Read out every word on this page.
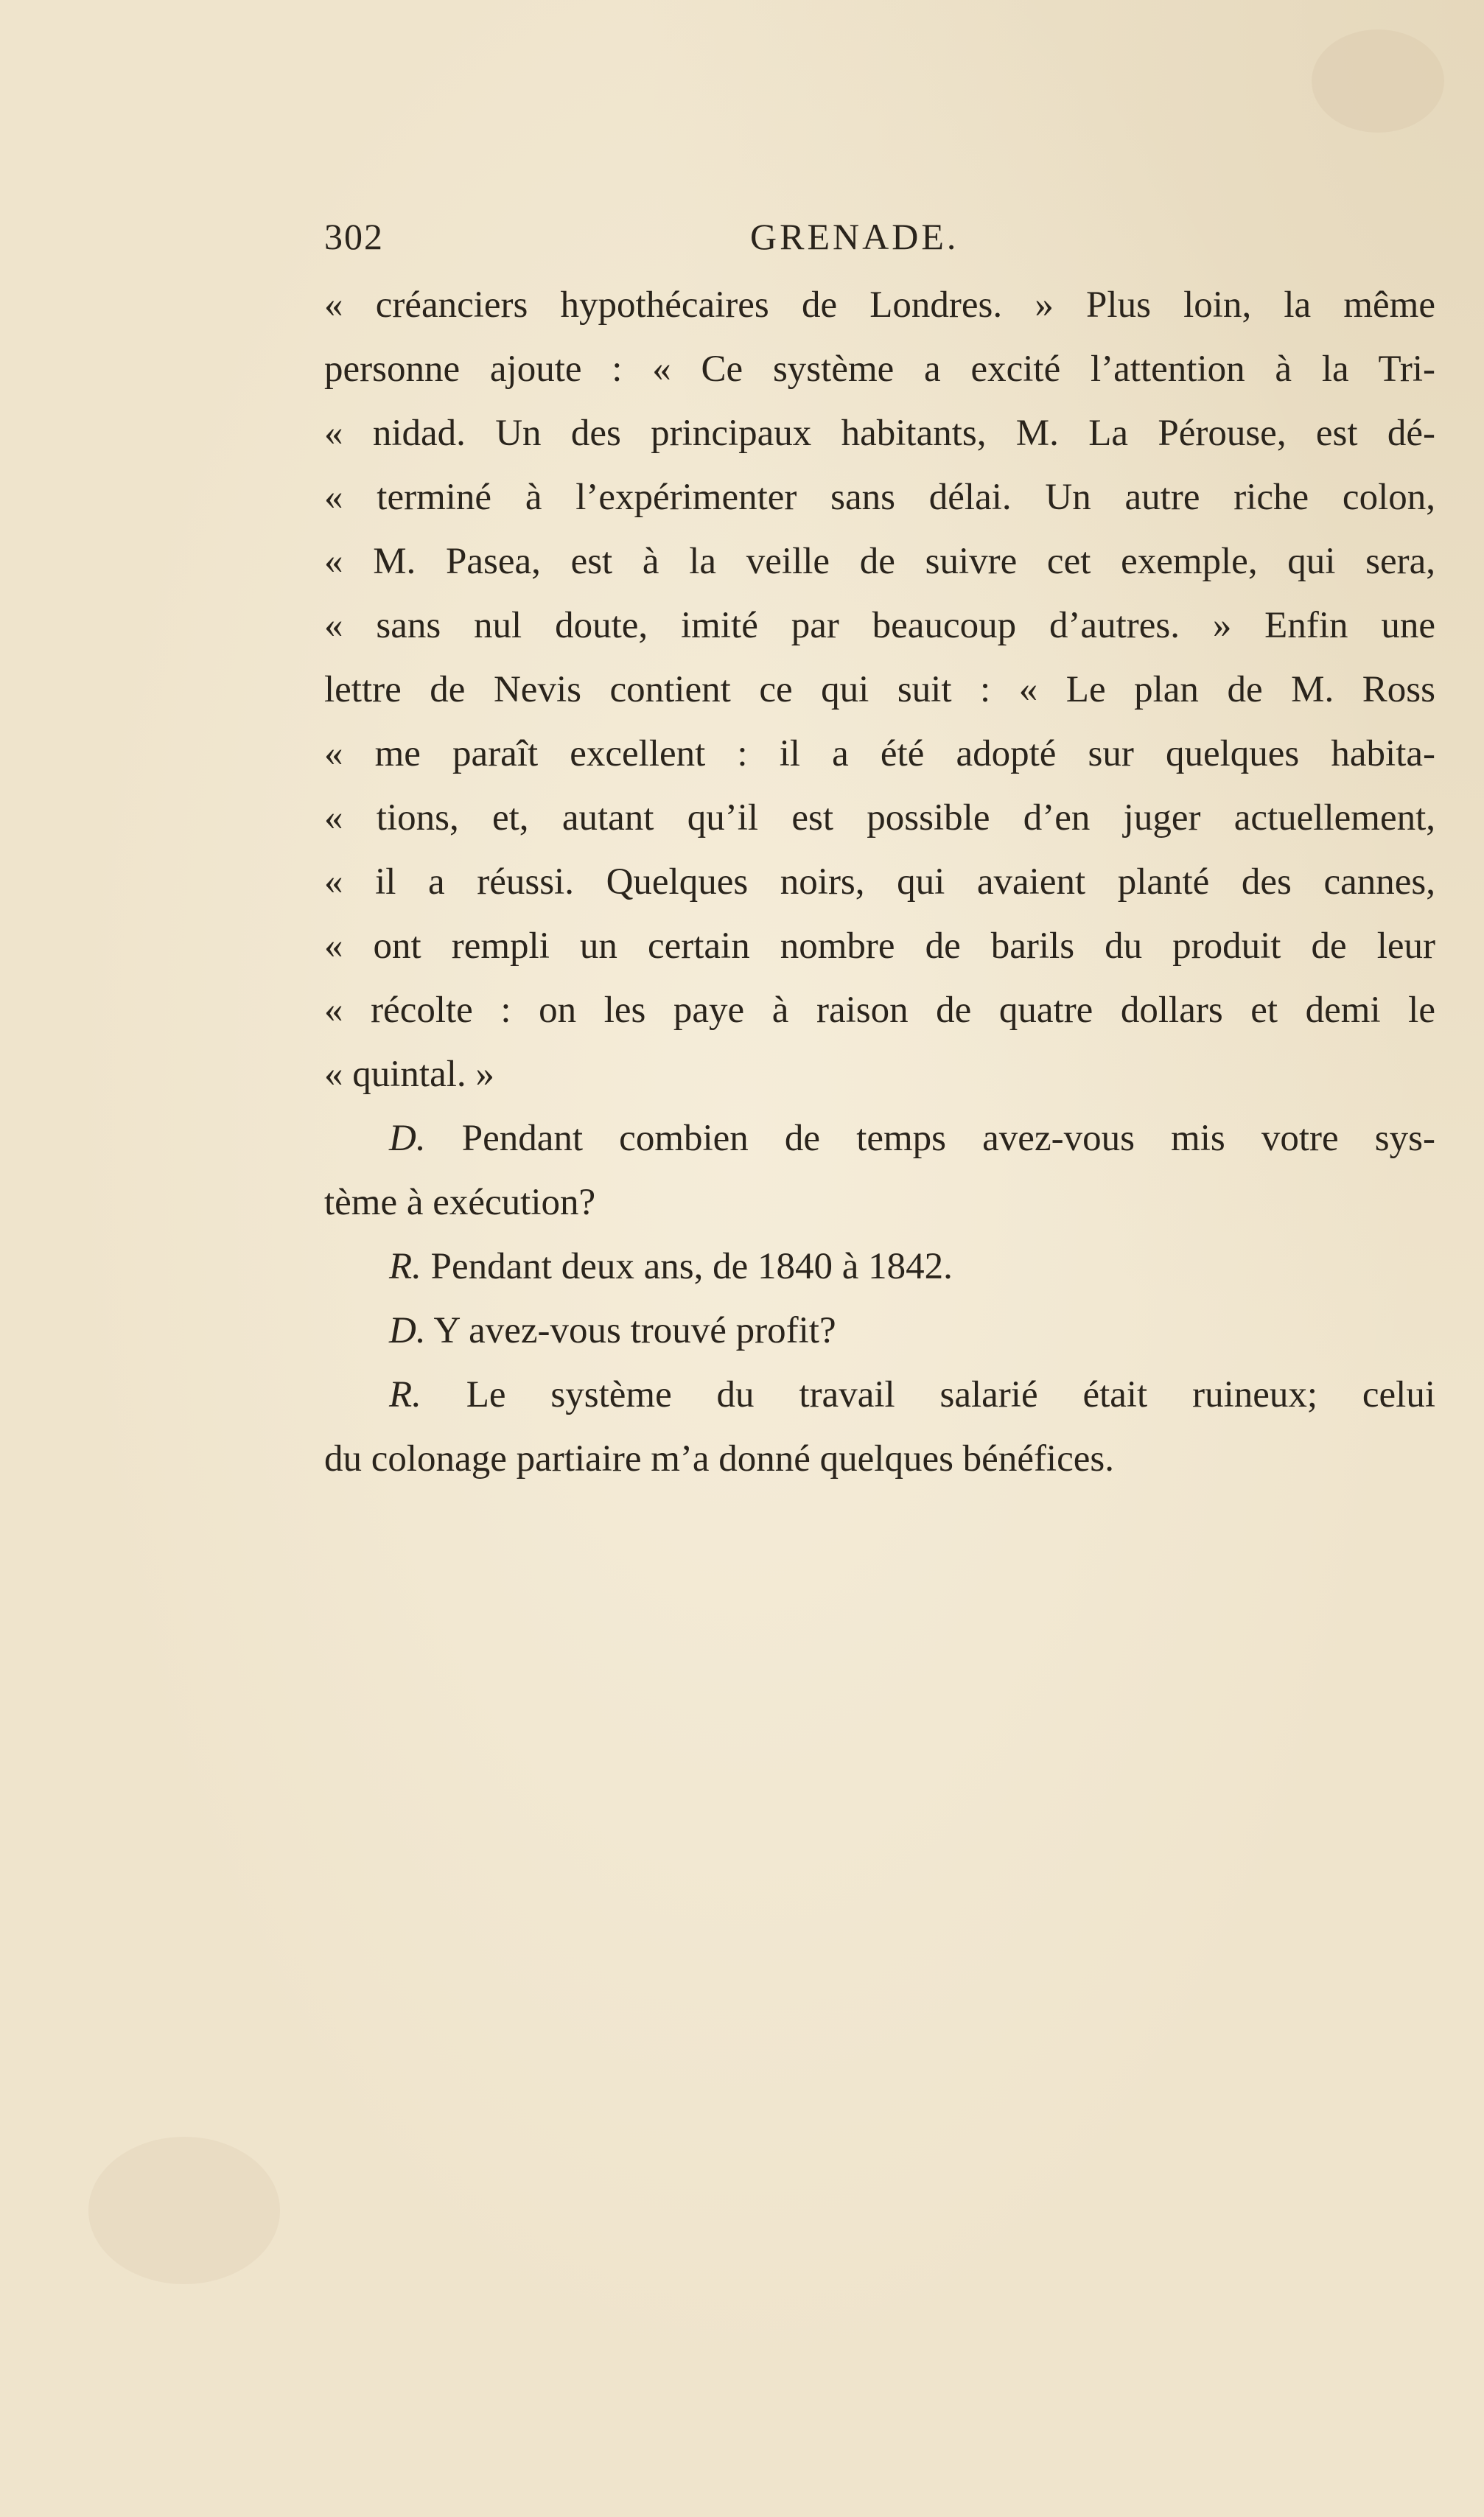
302	GRENADE.
« créanciers hypothécaires de Londres. » Plus loin, la même
personne ajoute : « Ce système a excité l’attention à la Tri-
« nidad. Un des principaux habitants, M. La Pérouse, est dé-
« terminé à l’expérimenter sans délai. Un autre riche colon,
« M. Pasea, est à la veille de suivre cet exemple, qui sera,
« sans nul doute, imité par beaucoup d’autres. » Enfin une
lettre de Nevis contient ce qui suit : « Le plan de M. Ross
« me paraît excellent : il a été adopté sur quelques habita-
« tions, et, autant qu’il est possible d’en juger actuellement,
« il a réussi. Quelques noirs, qui avaient planté des cannes,
« ont rempli un certain nombre de barils du produit de leur
« récolte : on les paye à raison de quatre dollars et demi le
« quintal. »
D. Pendant combien de temps avez-vous mis votre sys-
tème à exécution?
R. Pendant deux ans, de 1840 à 1842.
D. Y avez-vous trouvé profit?
R. Le système du travail salarié était ruineux; celui
du colonage partiaire m’a donné quelques bénéfices.
